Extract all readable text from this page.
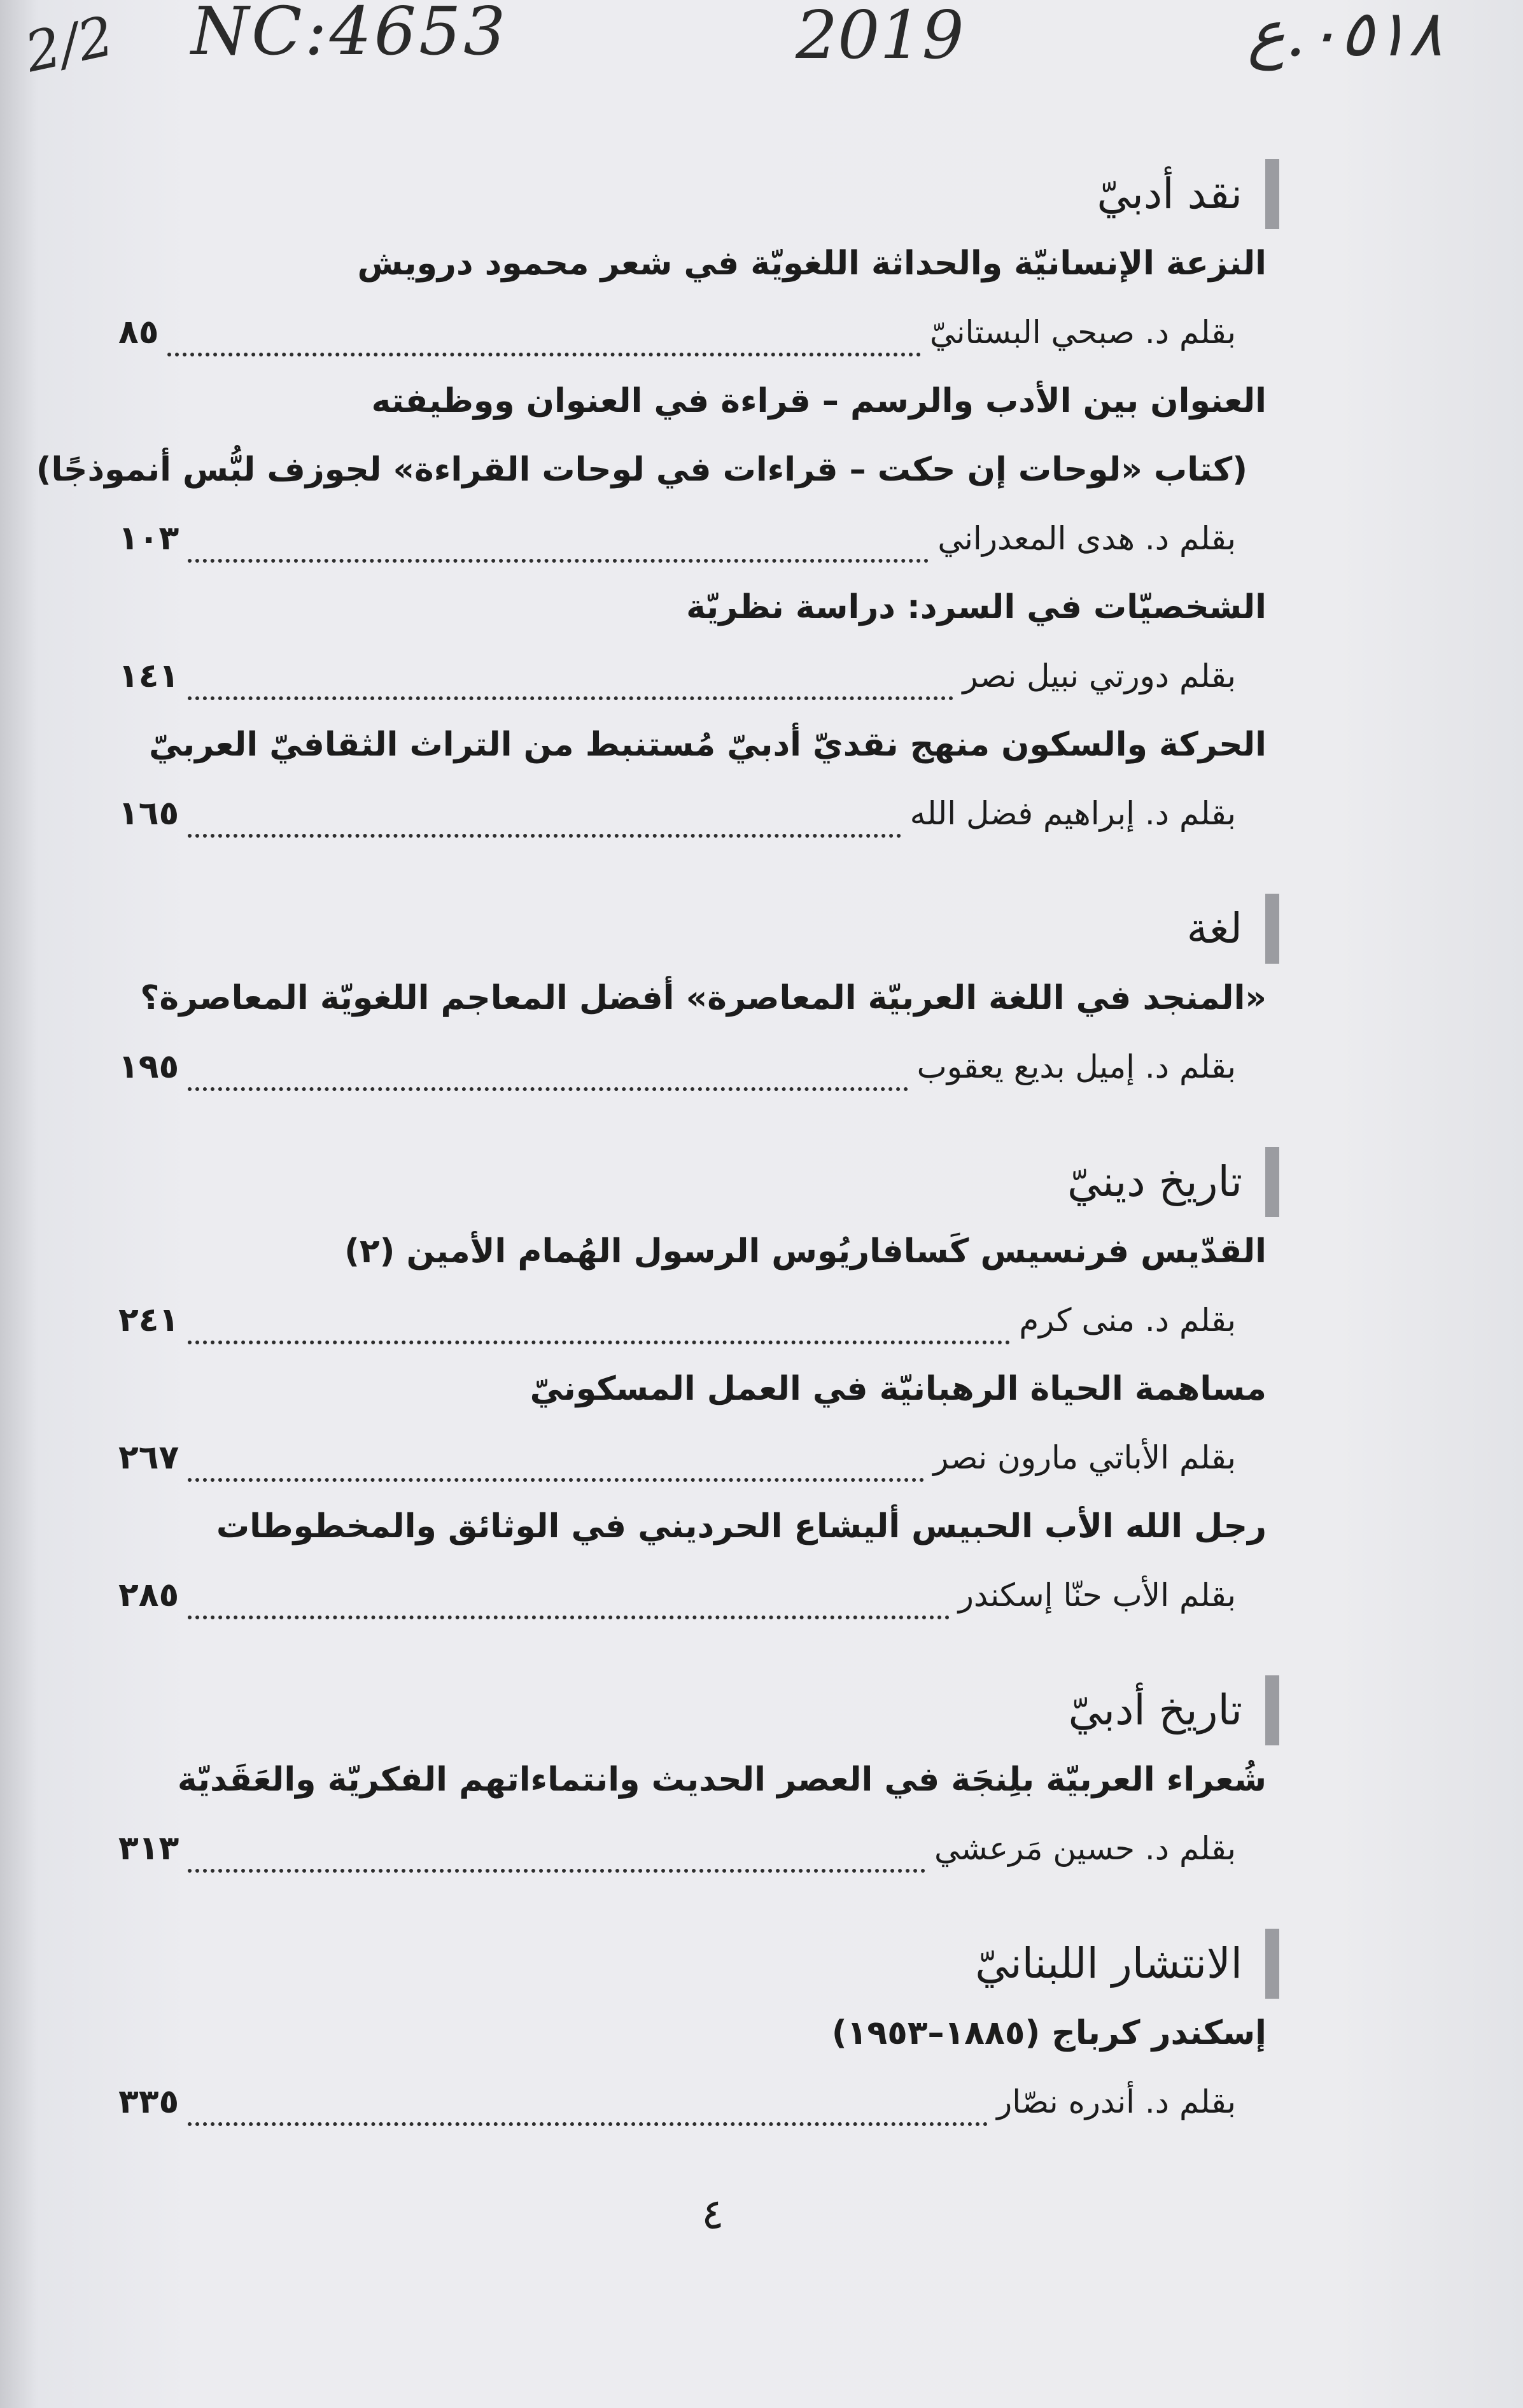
2/2 NC:4653	2019	٠٥١٨.ع
نقد أدبيّ
النزعة الإنسانيّة والحداثة اللغويّة في شعر محمود درويش
بقلم د. صبحي البستانيّ
٨٥
العنوان بين الأدب والرسم – قراءة في العنوان ووظيفته
(كتاب «لوحات إن حكت – قراءات في لوحات القراءة» لجوزف لبُّس أنموذجًا)
بقلم د. هدى المعدراني
١٠٣
الشخصيّات في السرد: دراسة نظريّة
بقلم دورتي نبيل نصر
١٤١
الحركة والسكون منهج نقديّ أدبيّ مُستنبط من التراث الثقافيّ العربيّ
بقلم د. إبراهيم فضل الله
١٦٥
لغة
«المنجد في اللغة العربيّة المعاصرة» أفضل المعاجم اللغويّة المعاصرة؟
بقلم د. إميل بديع يعقوب
١٩٥
تاريخ دينيّ
القدّيس فرنسيس كَسافاريُوس الرسول الهُمام الأمين (٢)
بقلم د. منى كرم
٢٤١
مساهمة الحياة الرهبانيّة في العمل المسكونيّ
بقلم الأباتي مارون نصر
٢٦٧
رجل الله الأب الحبيس أليشاع الحرديني في الوثائق والمخطوطات
بقلم الأب حنّا إسكندر
٢٨٥
تاريخ أدبيّ
شُعراء العربيّة بلِنجَة في العصر الحديث وانتماءاتهم الفكريّة والعَقَديّة
بقلم د. حسين مَرعشي
٣١٣
الانتشار اللبنانيّ
إسكندر كرباج (١٨٨٥–١٩٥٣)
بقلم د. أندره نصّار
٣٣٥
٤
